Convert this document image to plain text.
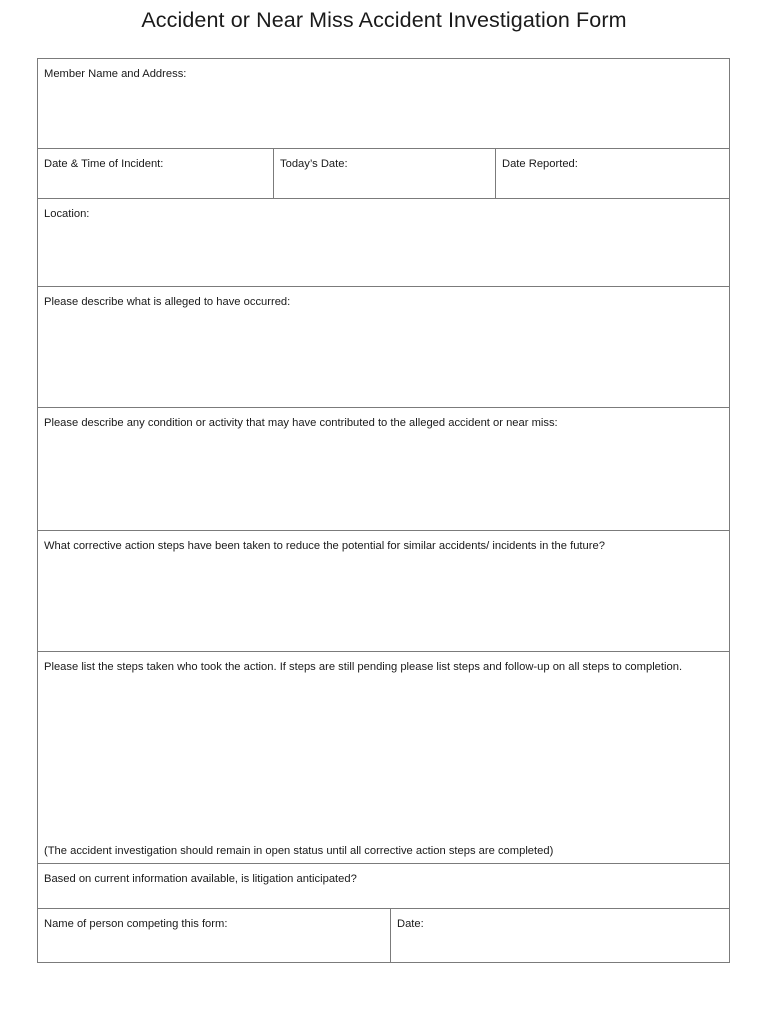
Accident or Near Miss Accident Investigation Form
Member Name and Address:			

Date & Time of Incident:	Today’s Date:		Date Reported:

Location:			

Please describe what is alleged to have occurred:			

Please describe any condition or activity that may have contributed to the alleged accident or near miss:			

What corrective action steps have been taken to reduce the potential for similar accidents/ incidents in the future?			

Please list the steps taken who took the action. If steps are still pending please list steps and follow-up on all steps to completion.
(The accident investigation should remain in open status until all corrective action steps are completed)			

Based on current information available, is litigation anticipated?			

Name of person competing this form:		Date:	
